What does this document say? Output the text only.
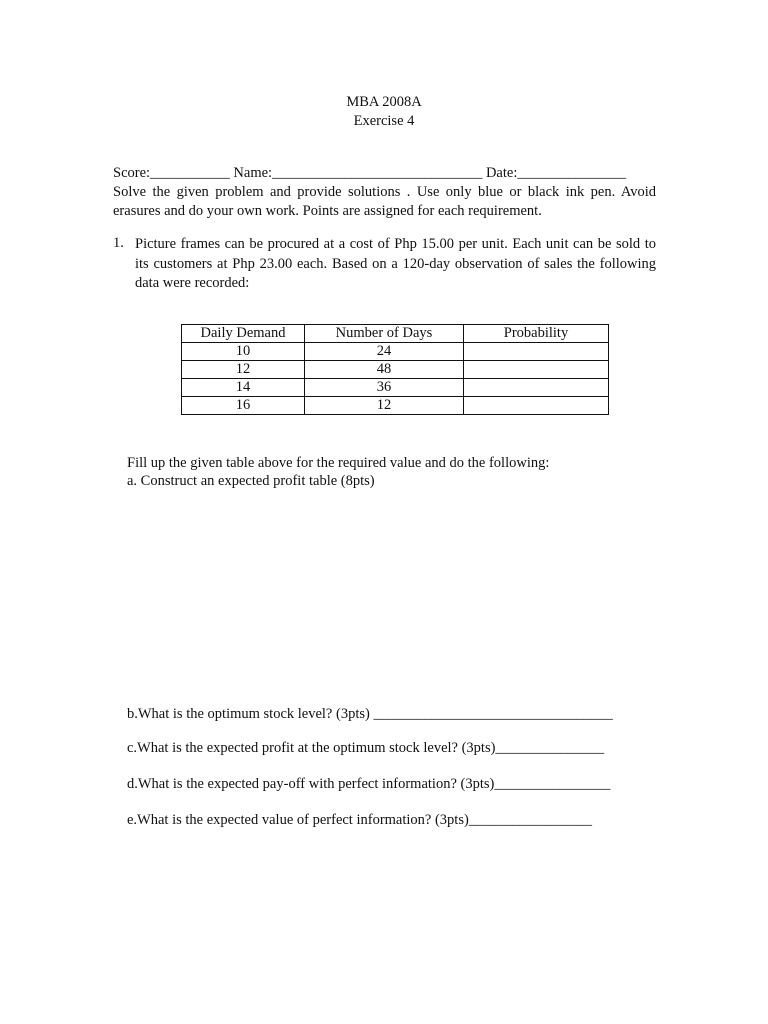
MBA 2008A

Exercise 4

Score:___________ Name:_____________________________ Date:_______________

Solve the given problem and provide solutions . Use only blue or black ink pen. Avoid erasures and do your own work. Points are assigned for each requirement.

1. Picture frames can be procured at a cost of Php 15.00 per unit. Each unit can be sold to its customers at Php 23.00 each. Based on a 120-day observation of sales the following data were recorded:

Daily Demand	Number of Days	Probability
10	24	
12	48	
14	36	
16	12	

Fill up the given table above for the required value and do the following:

a. Construct an expected profit table (8pts)

b.What is the optimum stock level? (3pts) _________________________________

c.What is the expected profit at the optimum stock level? (3pts)_______________

d.What is the expected pay-off with perfect information? (3pts)________________

e.What is the expected value of perfect information? (3pts)_________________
